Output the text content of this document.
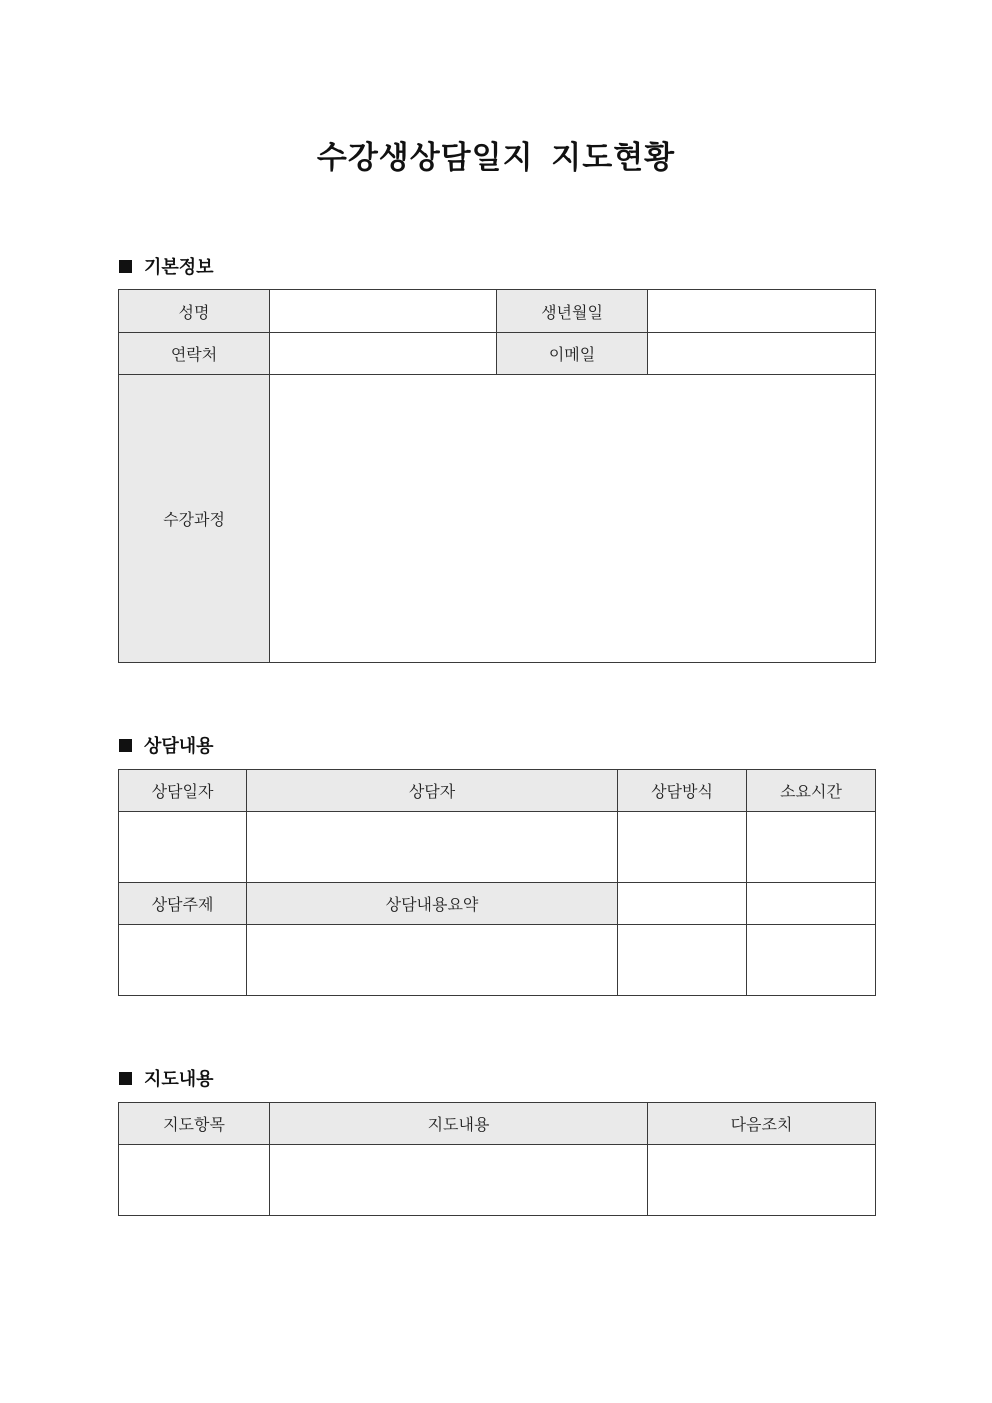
수강생상담일지 지도현황
기본정보
성명		생년월일	
연락처		이메일	
수강과정			
상담내용
상담일자	상담자	상담방식	소요시간

상담주제	상담내용요약		

지도내용
지도항목	지도내용	다음조치
